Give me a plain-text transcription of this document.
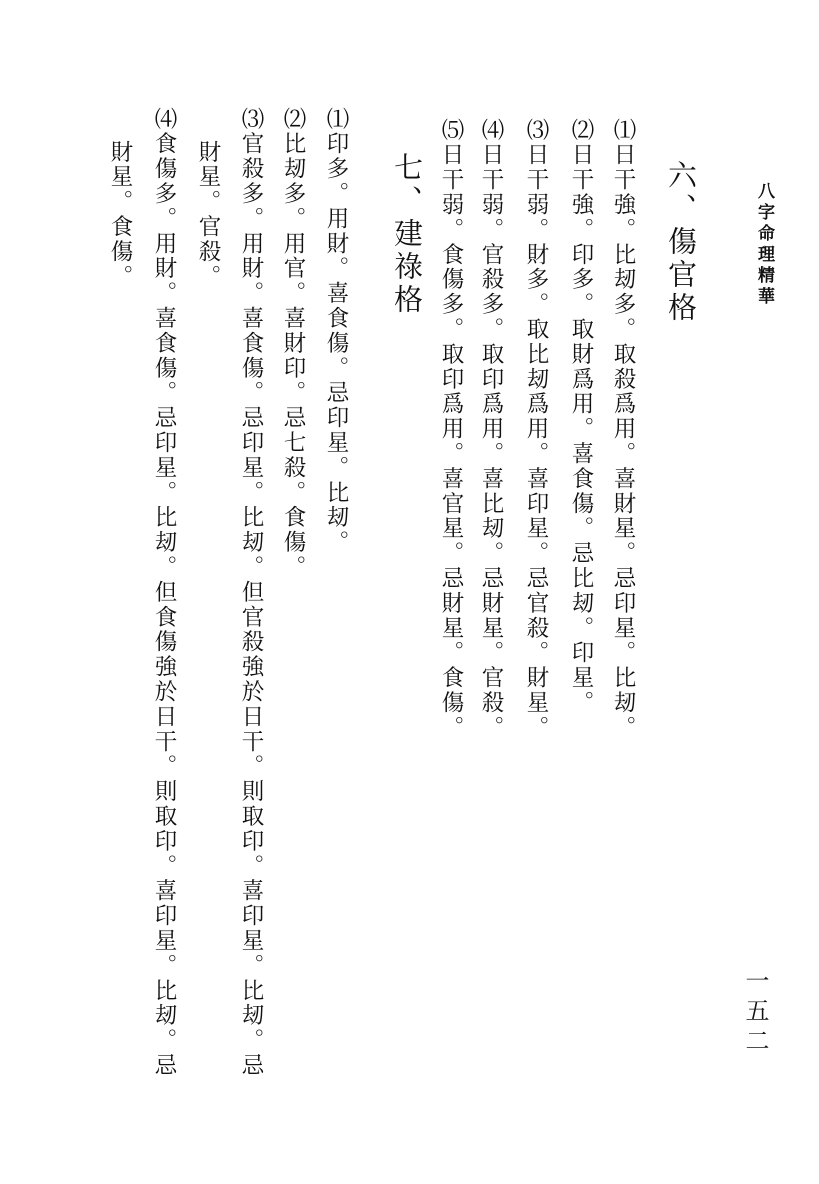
八字命理精華
六、傷官格
⑴日干強。比刼多。取殺爲用。喜財星。忌印星。比刼。
⑵日干強。印多。取財爲用。喜食傷。忌比刼。印星。
⑶日干弱。財多。取比刼爲用。喜印星。忌官殺。財星。
⑷日干弱。官殺多。取印爲用。喜比刼。忌財星。官殺。
⑸日干弱。食傷多。取印爲用。喜官星。忌財星。食傷。
七、建祿格
⑴印多。用財。喜食傷。忌印星。比刼。
⑵比刼多。用官。喜財印。忌七殺。食傷。
⑶官殺多。用財。喜食傷。忌印星。比刼。但官殺強於日干。則取印。喜印星。比刼。忌
財星。官殺。
⑷食傷多。用財。喜食傷。忌印星。比刼。但食傷強於日干。則取印。喜印星。比刼。忌
財星。食傷。
一五二
